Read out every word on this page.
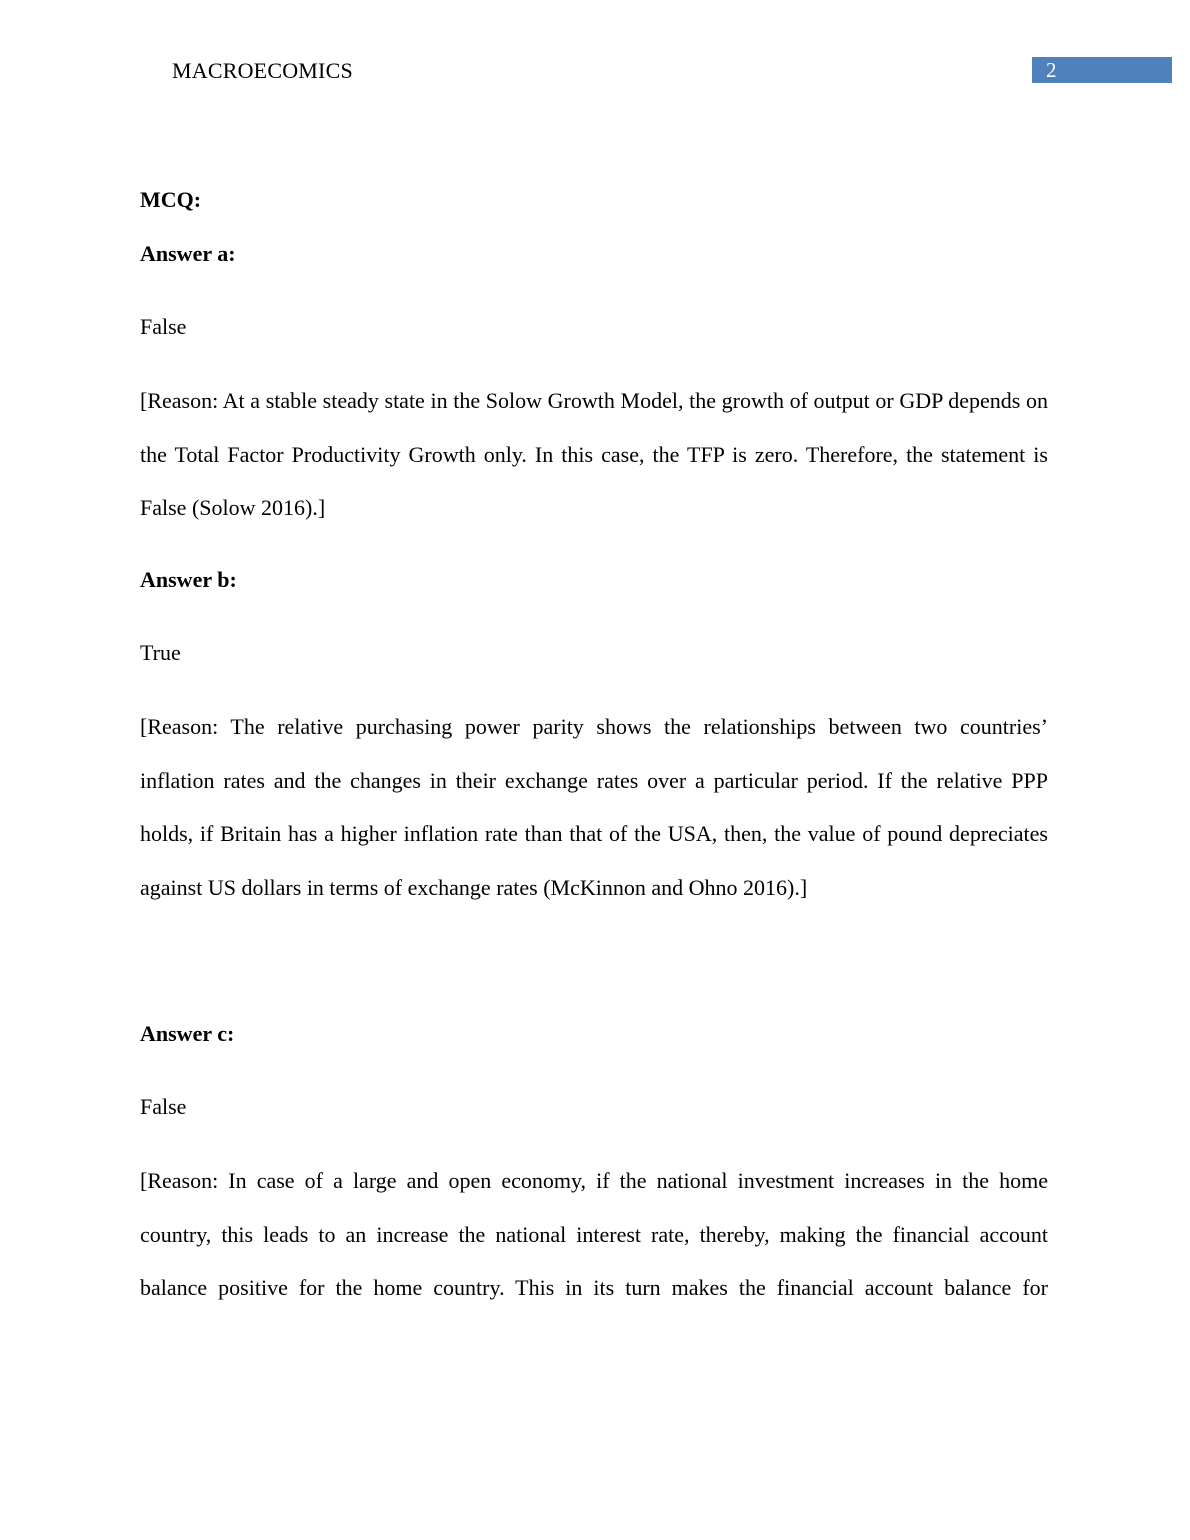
MACROECOMICS	2
MCQ:
Answer a:
False
[Reason: At a stable steady state in the Solow Growth Model, the growth of output or GDP depends on the Total Factor Productivity Growth only. In this case, the TFP is zero. Therefore, the statement is False (Solow 2016).]
Answer b:
True
[Reason: The relative purchasing power parity shows the relationships between two countries’ inflation rates and the changes in their exchange rates over a particular period. If the relative PPP holds, if Britain has a higher inflation rate than that of the USA, then, the value of pound depreciates against US dollars in terms of exchange rates (McKinnon and Ohno 2016).]
Answer c:
False
[Reason: In case of a large and open economy, if the national investment increases in the home country, this leads to an increase the national interest rate, thereby, making the financial account balance positive for the home country. This in its turn makes the financial account balance for
